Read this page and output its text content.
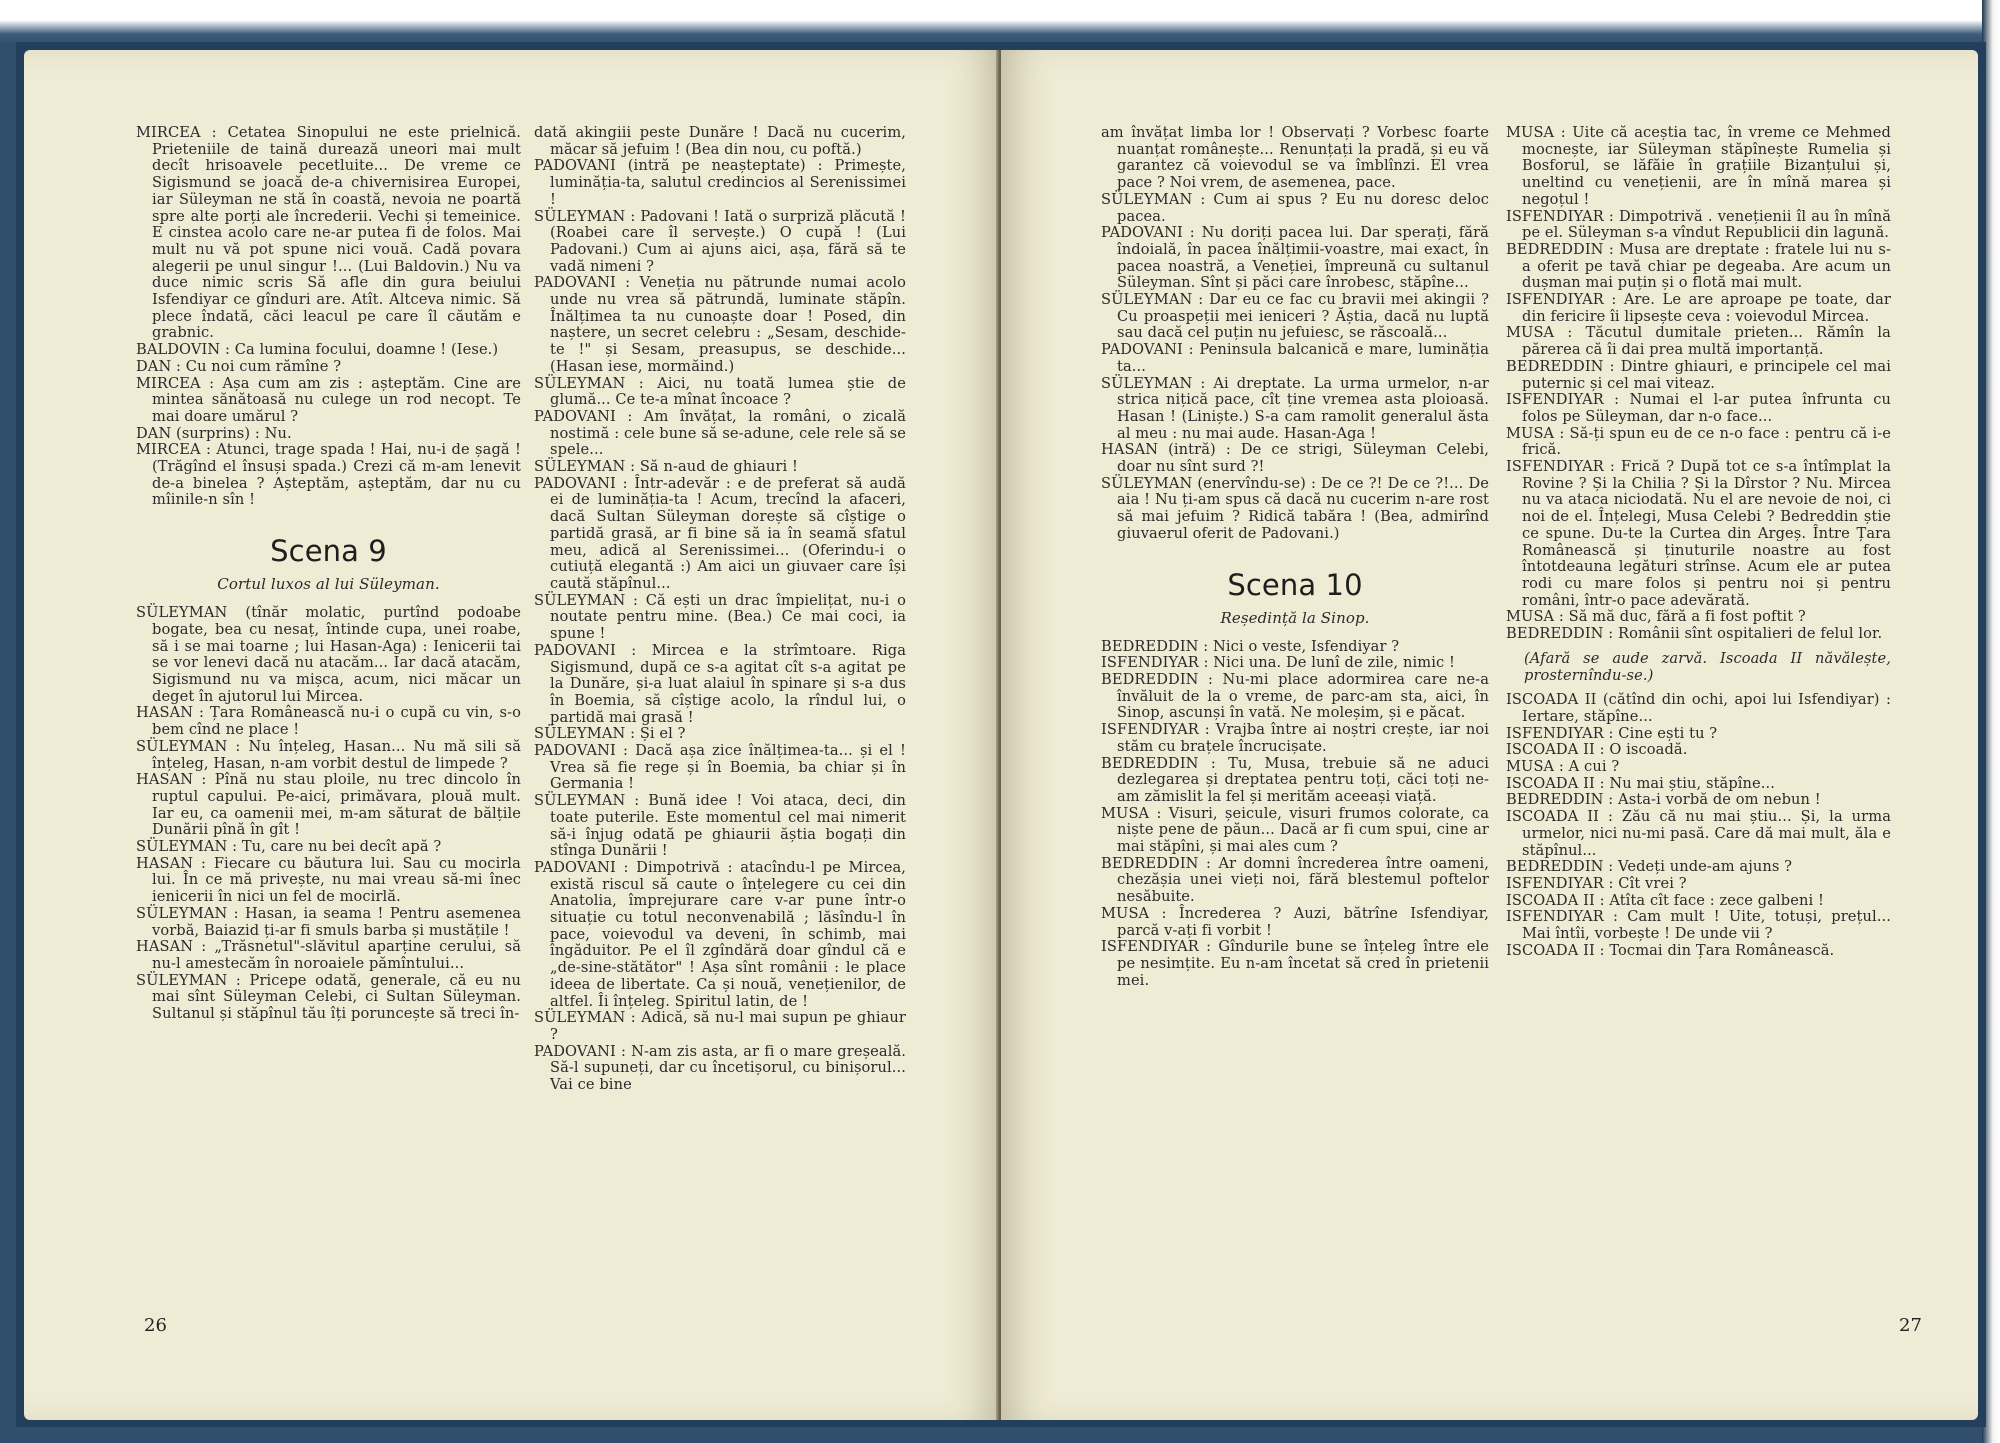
MIRCEA : Cetatea Sinopului ne este prielnică. Prieteniile de taină durează uneori mai mult decît hrisoavele pecetluite... De vreme ce Sigismund se joacă de-a chivernisirea Europei, iar Süleyman ne stă în coastă, nevoia ne poartă spre alte porți ale încrederii. Vechi și temeinice. E cinstea acolo care ne-ar putea fi de folos. Mai mult nu vă pot spune nici vouă. Cadă povara alegerii pe unul singur !... (Lui Baldovin.) Nu va duce nimic scris Să afle din gura beiului Isfendiyar ce gînduri are. Atît. Altceva nimic. Să plece îndată, căci leacul pe care îl căutăm e grabnic.

BALDOVIN : Ca lumina focului, doamne ! (Iese.)

DAN : Cu noi cum rămîne ?

MIRCEA : Așa cum am zis : așteptăm. Cine are mintea sănătoasă nu culege un rod necopt. Te mai doare umărul ?

DAN (surprins) : Nu.

MIRCEA : Atunci, trage spada ! Hai, nu-i de șagă ! (Trăgînd el însuși spada.) Crezi că m-am lenevit de-a binelea ? Așteptăm, așteptăm, dar nu cu mîinile-n sîn !

Scena 9
Cortul luxos al lui Süleyman.

SÜLEYMAN (tînăr molatic, purtînd podoabe bogate, bea cu nesaț, întinde cupa, unei roabe, să i se mai toarne ; lui Hasan-Aga) : Ienicerii tai se vor lenevi dacă nu atacăm... Iar dacă atacăm, Sigismund nu va mișca, acum, nici măcar un deget în ajutorul lui Mircea.

HASAN : Țara Românească nu-i o cupă cu vin, s-o bem cînd ne place !

SÜLEYMAN : Nu înțeleg, Hasan... Nu mă sili să înțeleg, Hasan, n-am vorbit destul de limpede ?

HASAN : Pînă nu stau ploile, nu trec dincolo în ruptul capului. Pe-aici, primăvara, plouă mult. Iar eu, ca oamenii mei, m-am săturat de bălțile Dunării pînă în gît !

SÜLEYMAN : Tu, care nu bei decît apă ?

HASAN : Fiecare cu băutura lui. Sau cu mocirla lui. În ce mă privește, nu mai vreau să-mi înec ienicerii în nici un fel de mocirlă.

SÜLEYMAN : Hasan, ia seama ! Pentru asemenea vorbă, Baiazid ți-ar fi smuls barba și mustățile !

HASAN : „Trăsnetul"-slăvitul aparține cerului, să nu-l amestecăm în noroaiele pămîntului...

SÜLEYMAN : Pricepe odată, generale, că eu nu mai sînt Süleyman Celebi, ci Sultan Süleyman. Sultanul și stăpînul tău îți poruncește să treci în-

dată akingiii peste Dunăre ! Dacă nu cucerim, măcar să jefuim ! (Bea din nou, cu poftă.)

PADOVANI (intră pe neașteptate) : Primește, luminăția-ta, salutul credincios al Serenissimei !

SÜLEYMAN : Padovani ! Iată o surpriză plăcută ! (Roabei care îl servește.) O cupă ! (Lui Padovani.) Cum ai ajuns aici, așa, fără să te vadă nimeni ?

PADOVANI : Veneția nu pătrunde numai acolo unde nu vrea să pătrundă, luminate stăpîn. Înălțimea ta nu cunoaște doar ! Posed, din naștere, un secret celebru : „Sesam, deschide-te !" și Sesam, preasupus, se deschide... (Hasan iese, mormăind.)

SÜLEYMAN : Aici, nu toată lumea știe de glumă... Ce te-a mînat încoace ?

PADOVANI : Am învățat, la români, o zicală nostimă : cele bune să se-adune, cele rele să se spele...

SÜLEYMAN : Să n-aud de ghiauri !

PADOVANI : Într-adevăr : e de preferat să audă ei de luminăția-ta ! Acum, trecînd la afaceri, dacă Sultan Süleyman dorește să cîștige o partidă grasă, ar fi bine să ia în seamă sfatul meu, adică al Serenissimei... (Oferindu-i o cutiuță elegantă :) Am aici un giuvaer care își caută stăpînul...

SÜLEYMAN : Că ești un drac împielițat, nu-i o noutate pentru mine. (Bea.) Ce mai coci, ia spune !

PADOVANI : Mircea e la strîmtoare. Riga Sigismund, după ce s-a agitat cît s-a agitat pe la Dunăre, și-a luat alaiul în spinare și s-a dus în Boemia, să cîștige acolo, la rîndul lui, o partidă mai grasă !

SÜLEYMAN : Și el ?

PADOVANI : Dacă așa zice înălțimea-ta... și el ! Vrea să fie rege și în Boemia, ba chiar și în Germania !

SÜLEYMAN : Bună idee ! Voi ataca, deci, din toate puterile. Este momentul cel mai nimerit să-i înjug odată pe ghiaurii ăștia bogați din stînga Dunării !

PADOVANI : Dimpotrivă : atacîndu-l pe Mircea, există riscul să caute o înțelegere cu cei din Anatolia, împrejurare care v-ar pune într-o situație cu totul neconvenabilă ; lăsîndu-l în pace, voievodul va deveni, în schimb, mai îngăduitor. Pe el îl zgîndără doar gîndul că e „de-sine-stătător" ! Așa sînt românii : le place ideea de libertate. Ca și nouă, venețienilor, de altfel. Îi înțeleg. Spiritul latin, de !

SÜLEYMAN : Adică, să nu-l mai supun pe ghiaur ?

PADOVANI : N-am zis asta, ar fi o mare greșeală. Să-l supuneți, dar cu încetișorul, cu binișorul... Vai ce bine

26

am învățat limba lor ! Observați ? Vorbesc foarte nuanțat românește... Renunțați la pradă, și eu vă garantez că voievodul se va îmblînzi. El vrea pace ? Noi vrem, de asemenea, pace.

SÜLEYMAN : Cum ai spus ? Eu nu doresc deloc pacea.

PADOVANI : Nu doriți pacea lui. Dar sperați, fără îndoială, în pacea înălțimii-voastre, mai exact, în pacea noastră, a Veneției, împreună cu sultanul Süleyman. Sînt și păci care înrobesc, stăpîne...

SÜLEYMAN : Dar eu ce fac cu bravii mei akingii ? Cu proaspeții mei ieniceri ? Ăștia, dacă nu luptă sau dacă cel puțin nu jefuiesc, se răscoală...

PADOVANI : Peninsula balcanică e mare, luminăția ta...

SÜLEYMAN : Ai dreptate. La urma urmelor, n-ar strica nițică pace, cît ține vremea asta ploioasă. Hasan ! (Liniște.) S-a cam ramolit generalul ăsta al meu : nu mai aude. Hasan-Aga !

HASAN (intră) : De ce strigi, Süleyman Celebi, doar nu sînt surd ?!

SÜLEYMAN (enervîndu-se) : De ce ?! De ce ?!... De aia ! Nu ți-am spus că dacă nu cucerim n-are rost să mai jefuim ? Ridică tabăra ! (Bea, admirînd giuvaerul oferit de Padovani.)

Scena 10
Reședință la Sinop.

BEDREDDIN : Nici o veste, Isfendiyar ?

ISFENDIYAR : Nici una. De lunî de zile, nimic !

BEDREDDIN : Nu-mi place adormirea care ne-a învăluit de la o vreme, de parc-am sta, aici, în Sinop, ascunși în vată. Ne moleșim, și e păcat.

ISFENDIYAR : Vrajba între ai noștri crește, iar noi stăm cu brațele încrucișate.

BEDREDDIN : Tu, Musa, trebuie să ne aduci dezlegarea și dreptatea pentru toți, căci toți ne-am zămislit la fel și merităm aceeași viață.

MUSA : Visuri, șeicule, visuri frumos colorate, ca niște pene de păun... Dacă ar fi cum spui, cine ar mai stăpîni, și mai ales cum ?

BEDREDDIN : Ar domni încrederea între oameni, chezășia unei vieți noi, fără blestemul poftelor nesăbuite.

MUSA : Încrederea ? Auzi, bătrîne Isfendiyar, parcă v-ați fi vorbit !

ISFENDIYAR : Gîndurile bune se înțeleg între ele pe nesimțite. Eu n-am încetat să cred în prietenii mei.

MUSA : Uite că aceștia tac, în vreme ce Mehmed mocnește, iar Süleyman stăpînește Rumelia și Bosforul, se lăfăie în grațiile Bizanțului și, uneltind cu venețienii, are în mînă marea și negoțul !

ISFENDIYAR : Dimpotrivă . venețienii îl au în mînă pe el. Süleyman s-a vîndut Republicii din lagună.

BEDREDDIN : Musa are dreptate : fratele lui nu s-a oferit pe tavă chiar pe degeaba. Are acum un dușman mai puțin și o flotă mai mult.

ISFENDIYAR : Are. Le are aproape pe toate, dar din fericire îi lipsește ceva : voievodul Mircea.

MUSA : Tăcutul dumitale prieten... Rămîn la părerea că îi dai prea multă importanță.

BEDREDDIN : Dintre ghiauri, e principele cel mai puternic și cel mai viteaz.

ISFENDIYAR : Numai el l-ar putea înfrunta cu folos pe Süleyman, dar n-o face...

MUSA : Să-ți spun eu de ce n-o face : pentru că i-e frică.

ISFENDIYAR : Frică ? După tot ce s-a întîmplat la Rovine ? Și la Chilia ? Și la Dîrstor ? Nu. Mircea nu va ataca niciodată. Nu el are nevoie de noi, ci noi de el. Înțelegi, Musa Celebi ? Bedreddin știe ce spune. Du-te la Curtea din Argeș. Între Țara Românească și ținuturile noastre au fost întotdeauna legături strînse. Acum ele ar putea rodi cu mare folos și pentru noi și pentru români, într-o pace adevărată.

MUSA : Să mă duc, fără a fi fost poftit ?

BEDREDDIN : Românii sînt ospitalieri de felul lor.

(Afară se aude zarvă. Iscoada II năvălește, prosternîndu-se.)

ISCOADA II (cătînd din ochi, apoi lui Isfendiyar) : Iertare, stăpîne...

ISFENDIYAR : Cine ești tu ?

ISCOADA II : O iscoadă.

MUSA : A cui ?

ISCOADA II : Nu mai știu, stăpîne...

BEDREDDIN : Asta-i vorbă de om nebun !

ISCOADA II : Zău că nu mai știu... Și, la urma urmelor, nici nu-mi pasă. Care dă mai mult, ăla e stăpînul...

BEDREDDIN : Vedeți unde-am ajuns ?

ISFENDIYAR : Cît vrei ?

ISCOADA II : Atîta cît face : zece galbeni !

ISFENDIYAR : Cam mult ! Uite, totuși, prețul... Mai întîi, vorbește ! De unde vii ?

ISCOADA II : Tocmai din Țara Românească.

27
